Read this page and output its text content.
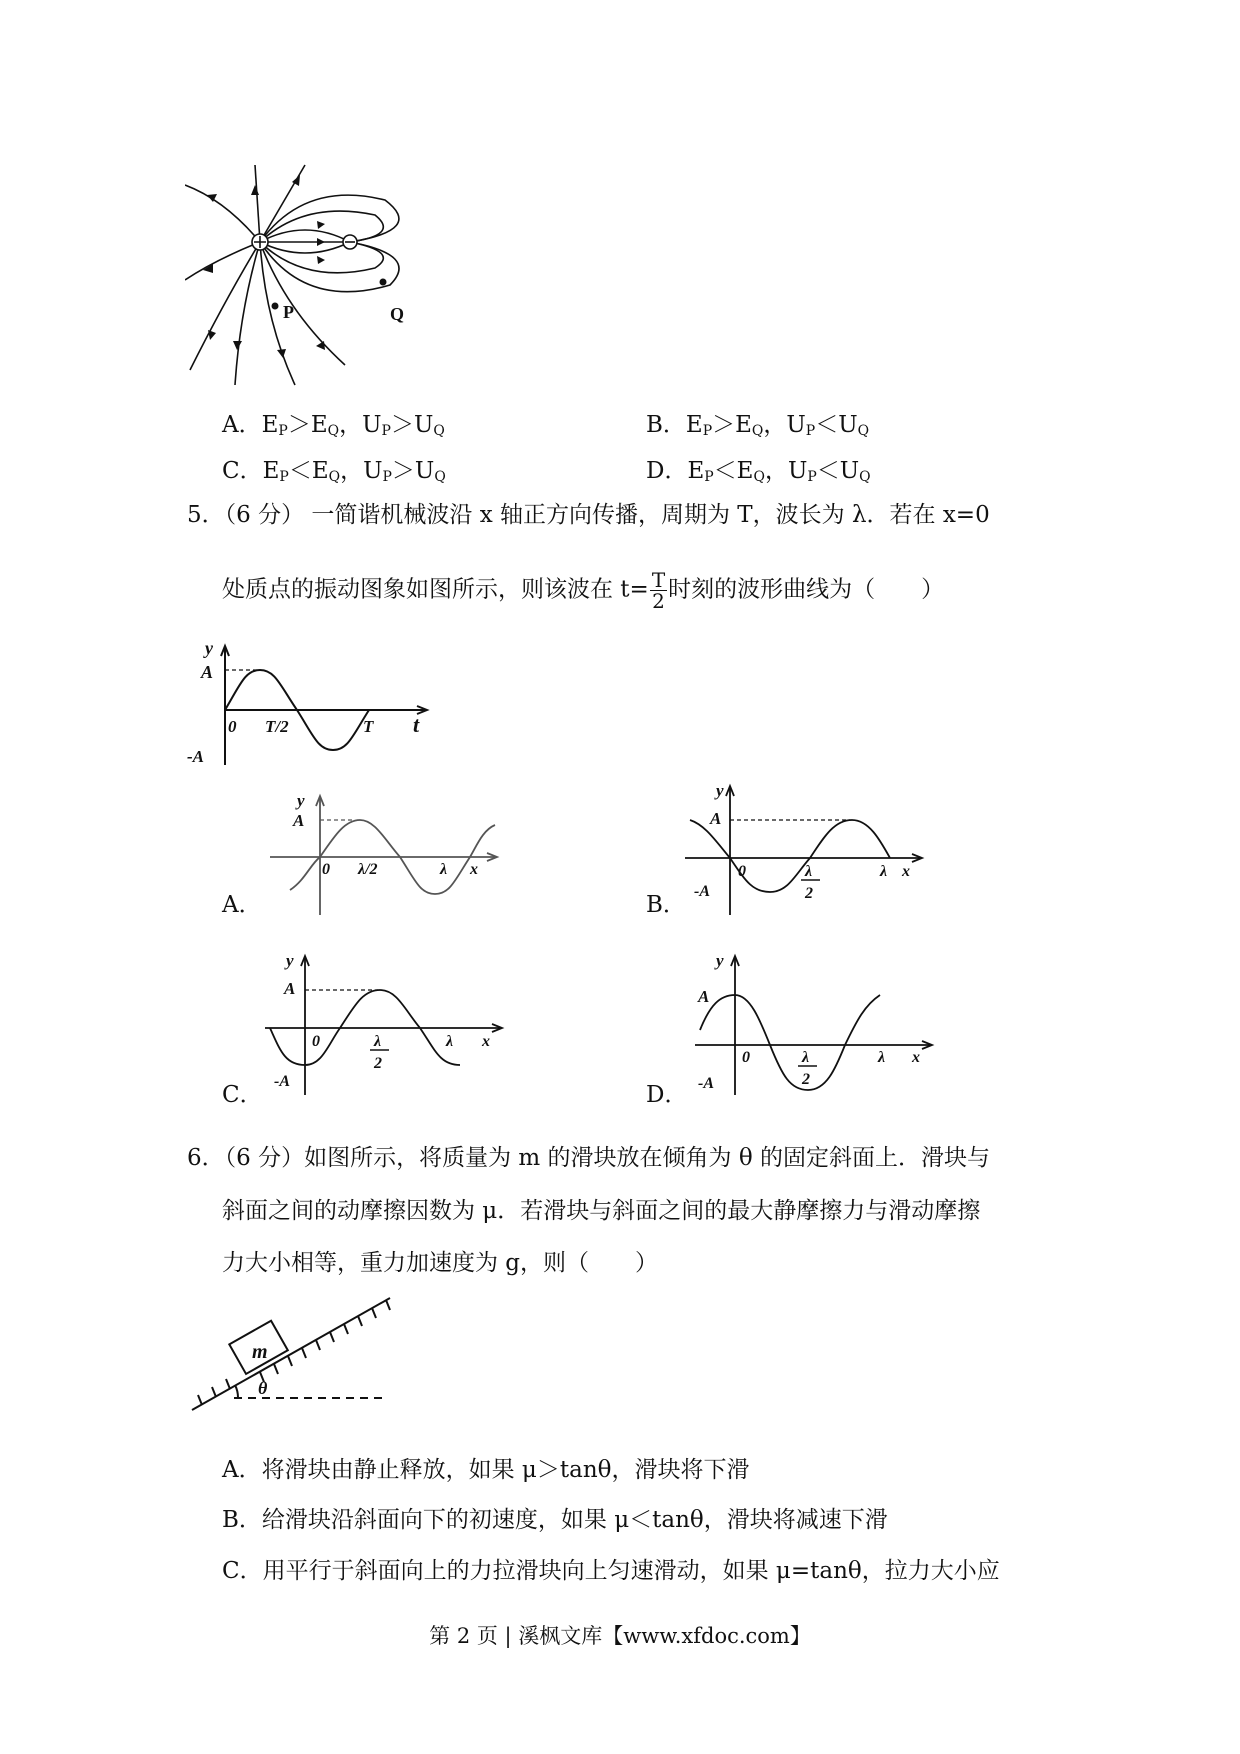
P	Q
A．$E_P>E_Q$，$U_P>U_Q$	B．$E_P>E_Q$，$U_P<U_Q$
C．$E_P<E_Q$，$U_P>U_Q$	D．$E_P<E_Q$，$U_P<U_Q$
5．（6 分） 一简谐机械波沿 x 轴正方向传播，周期为 T，波长为 λ．若在 x=0
处质点的振动图象如图所示，则该波在 $t= \frac{T}{2}$ 时刻的波形曲线为（　　）
y
A
-A
0 T/2	T t
A．
y
A
0 λ/2	λ x
B．
y
A
-A
0	λ
2
λ x
C．
y
A
-A
0	λ
2
λ x
D．
y
A
-A
0	λ
2
λ x
6．（6 分）如图所示，将质量为 m 的滑块放在倾角为 θ 的固定斜面上．滑块与
斜面之间的动摩擦因数为 μ．若滑块与斜面之间的最大静摩擦力与滑动摩擦
力大小相等，重力加速度为 g，则（　　）
m
θ
A．将滑块由静止释放，如果 μ＞tanθ，滑块将下滑
B．给滑块沿斜面向下的初速度，如果 μ＜tanθ，滑块将减速下滑
C．用平行于斜面向上的力拉滑块向上匀速滑动，如果 μ=tanθ，拉力大小应
第 2 页 | 溪枫文库【www.xfdoc.com】
